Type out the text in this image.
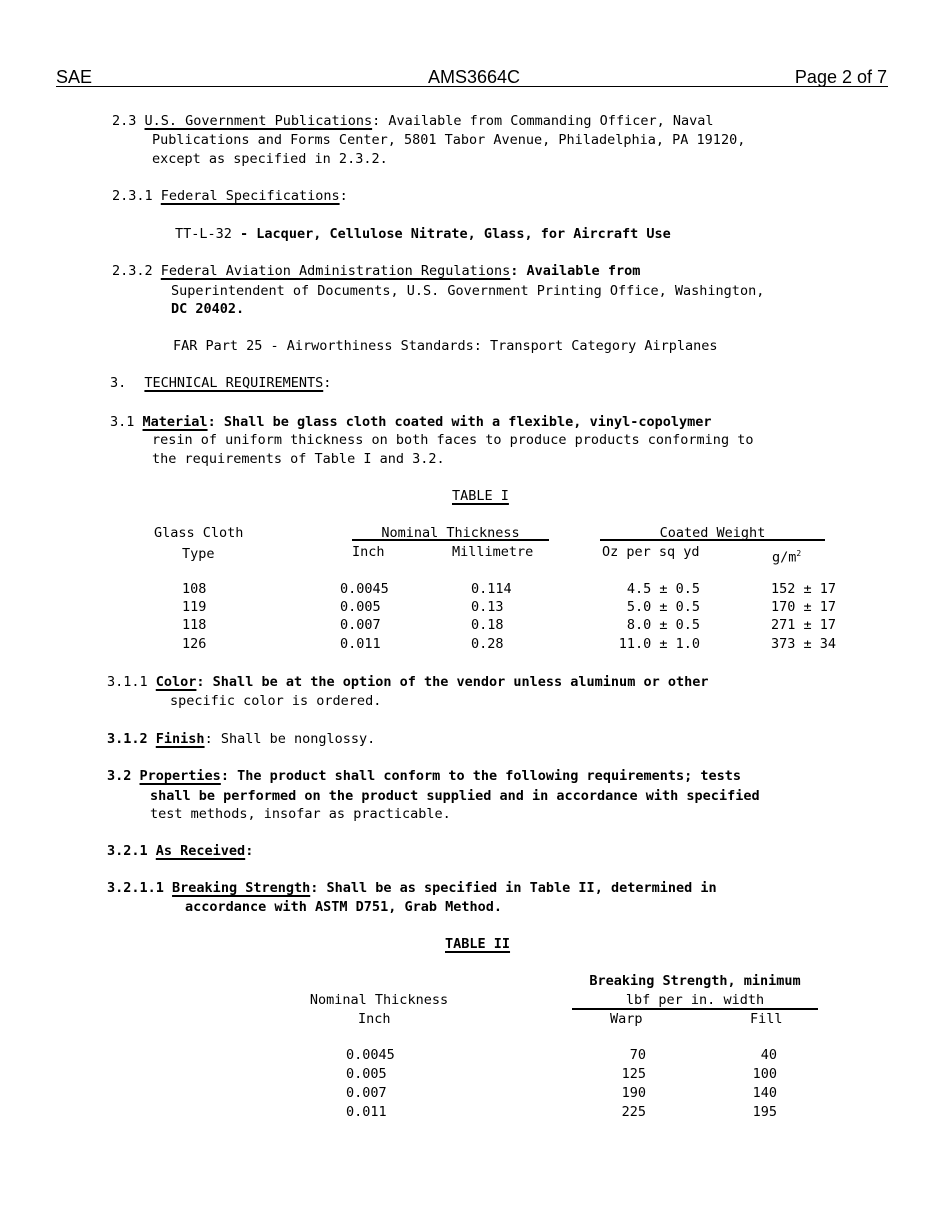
SAE	AMS3664C	Page 2 of 7
2.3 U.S. Government Publications: Available from Commanding Officer, Naval
Publications and Forms Center, 5801 Tabor Avenue, Philadelphia, PA 19120,
except as specified in 2.3.2.
2.3.1 Federal Specifications:
TT-L-32 - Lacquer, Cellulose Nitrate, Glass, for Aircraft Use
2.3.2 Federal Aviation Administration Regulations: Available from
Superintendent of Documents, U.S. Government Printing Office, Washington,
DC 20402.
FAR Part 25 - Airworthiness Standards: Transport Category Airplanes
3. TECHNICAL REQUIREMENTS:
3.1 Material: Shall be glass cloth coated with a flexible, vinyl-copolymer
resin of uniform thickness on both faces to produce products conforming to
the requirements of Table I and 3.2.
TABLE I
Glass Cloth
Type
Nominal Thickness
Inch	Millimetre
Coated Weight
Oz per sq yd	$g/m^2$
108	0.0045	0.114	4.5 ± 0.5	152 ± 17
119	0.005	0.13	5.0 ± 0.5	170 ± 17
118	0.007	0.18	8.0 ± 0.5	271 ± 17
126	0.011	0.28	11.0 ± 1.0	373 ± 34
3.1.1 Color: Shall be at the option of the vendor unless aluminum or other
specific color is ordered.
3.1.2 Finish: Shall be nonglossy.
3.2 Properties: The product shall conform to the following requirements; tests
shall be performed on the product supplied and in accordance with specified
test methods, insofar as practicable.
3.2.1 As Received:
3.2.1.1 Breaking Strength: Shall be as specified in Table II, determined in
accordance with ASTM D751, Grab Method.
TABLE II
Nominal Thickness
Inch
Breaking Strength, minimum
lbf per in. width
Warp	Fill
0.0045	70	40
0.005	125	100
0.007	190	140
0.011	225	195
